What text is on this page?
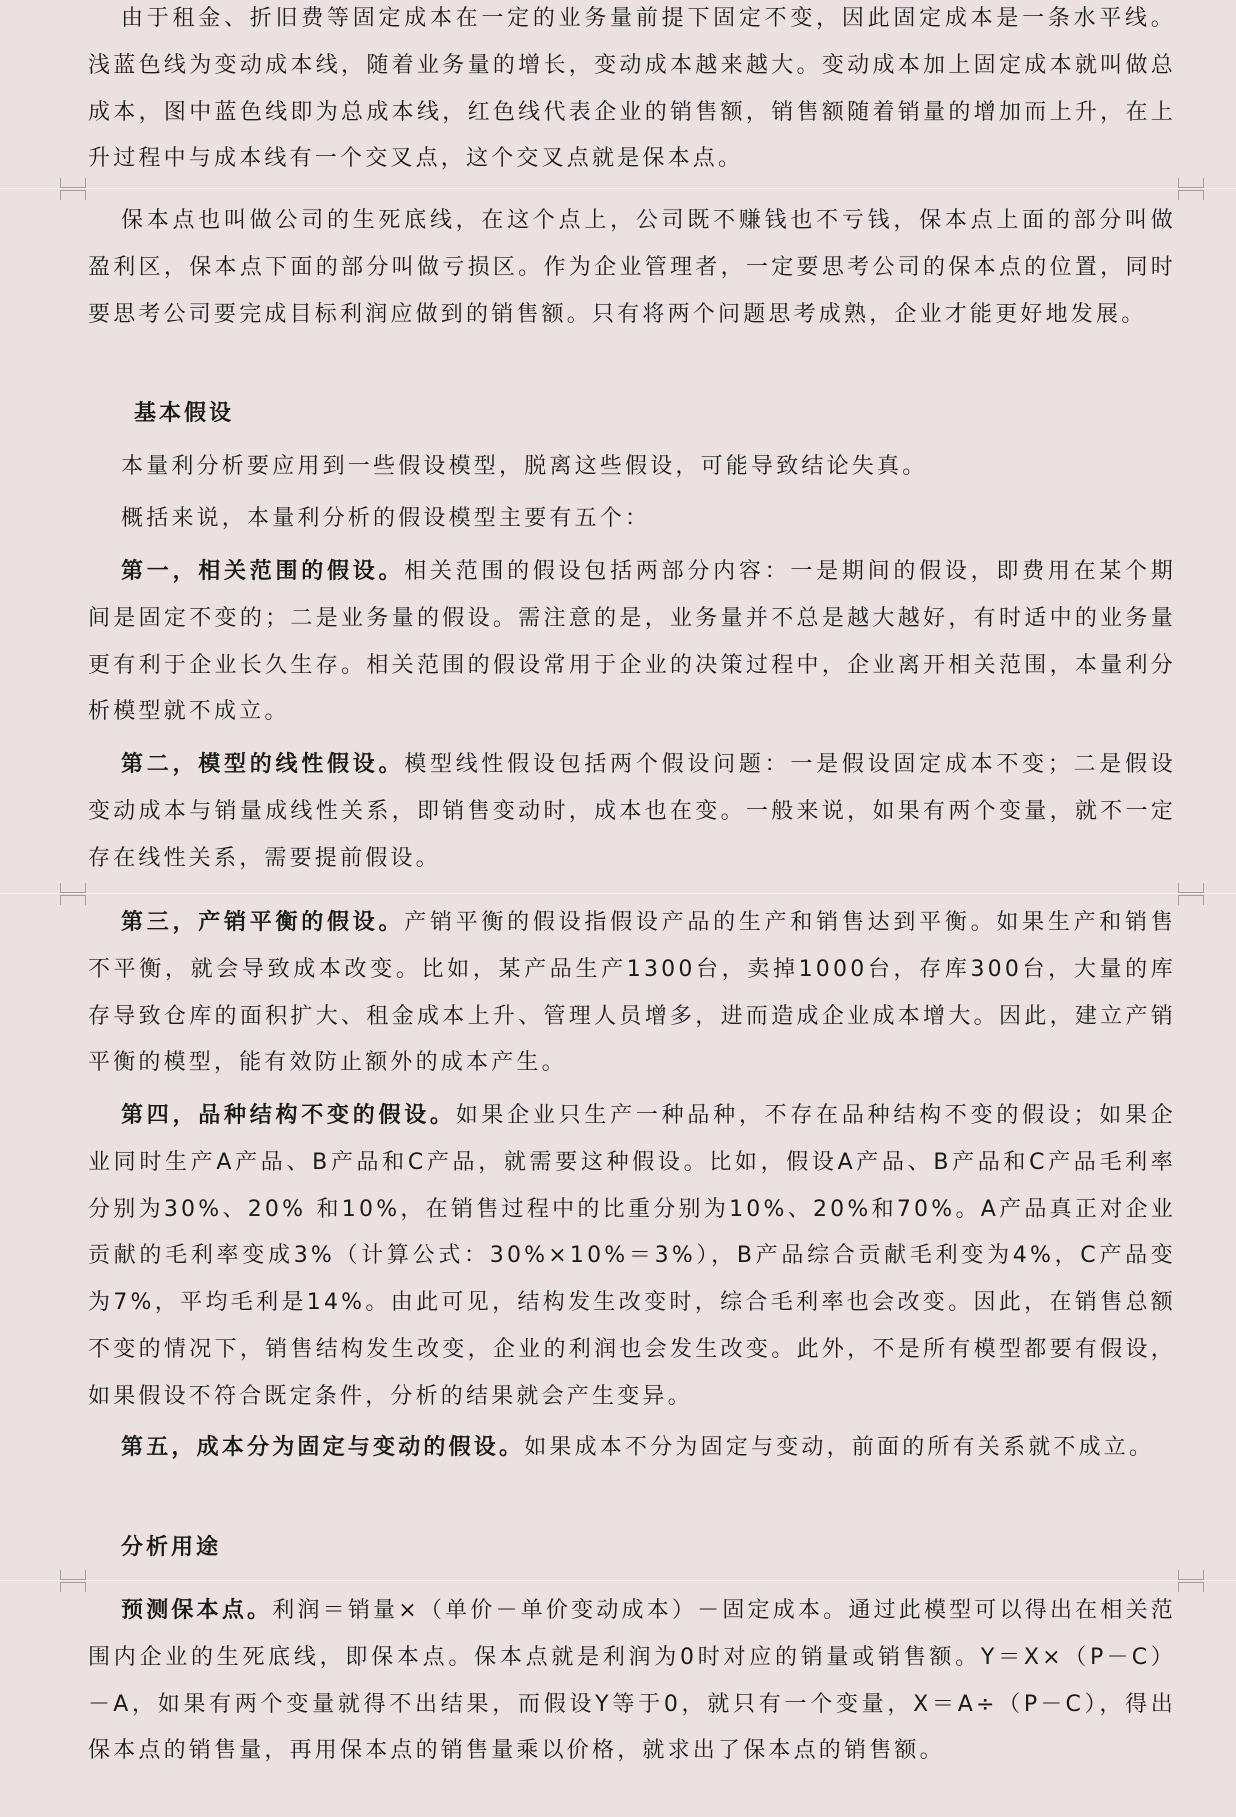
由于租金、折旧费等固定成本在一定的业务量前提下固定不变，因此固定成本是一条水平线。浅蓝色线为变动成本线，随着业务量的增长，变动成本越来越大。变动成本加上固定成本就叫做总成本，图中蓝色线即为总成本线，红色线代表企业的销售额，销售额随着销量的增加而上升，在上升过程中与成本线有一个交叉点，这个交叉点就是保本点。
保本点也叫做公司的生死底线，在这个点上，公司既不赚钱也不亏钱，保本点上面的部分叫做盈利区，保本点下面的部分叫做亏损区。作为企业管理者，一定要思考公司的保本点的位置，同时要思考公司要完成目标利润应做到的销售额。只有将两个问题思考成熟，企业才能更好地发展。
基本假设
本量利分析要应用到一些假设模型，脱离这些假设，可能导致结论失真。
概括来说，本量利分析的假设模型主要有五个：
第一，相关范围的假设。相关范围的假设包括两部分内容：一是期间的假设，即费用在某个期间是固定不变的；二是业务量的假设。需注意的是，业务量并不总是越大越好，有时适中的业务量更有利于企业长久生存。相关范围的假设常用于企业的决策过程中，企业离开相关范围，本量利分析模型就不成立。
第二，模型的线性假设。模型线性假设包括两个假设问题：一是假设固定成本不变；二是假设变动成本与销量成线性关系，即销售变动时，成本也在变。一般来说，如果有两个变量，就不一定存在线性关系，需要提前假设。
第三，产销平衡的假设。产销平衡的假设指假设产品的生产和销售达到平衡。如果生产和销售不平衡，就会导致成本改变。比如，某产品生产1300台，卖掉1000台，存库300台，大量的库存导致仓库的面积扩大、租金成本上升、管理人员增多，进而造成企业成本增大。因此，建立产销平衡的模型，能有效防止额外的成本产生。
第四，品种结构不变的假设。如果企业只生产一种品种，不存在品种结构不变的假设；如果企业同时生产A产品、B产品和C产品，就需要这种假设。比如，假设A产品、B产品和C产品毛利率分别为30%、20% 和10%，在销售过程中的比重分别为10%、20%和70%。A产品真正对企业贡献的毛利率变成3%（计算公式：30%×10%＝3%），B产品综合贡献毛利变为4%，C产品变为7%，平均毛利是14%。由此可见，结构发生改变时，综合毛利率也会改变。因此，在销售总额不变的情况下，销售结构发生改变，企业的利润也会发生改变。此外，不是所有模型都要有假设，如果假设不符合既定条件，分析的结果就会产生变异。
第五，成本分为固定与变动的假设。如果成本不分为固定与变动，前面的所有关系就不成立。
分析用途
预测保本点。利润＝销量×（单价－单价变动成本）－固定成本。通过此模型可以得出在相关范围内企业的生死底线，即保本点。保本点就是利润为0时对应的销量或销售额。Y＝X×（P－C）－A，如果有两个变量就得不出结果，而假设Y等于0，就只有一个变量，X＝A÷（P－C），得出保本点的销售量，再用保本点的销售量乘以价格，就求出了保本点的销售额。
